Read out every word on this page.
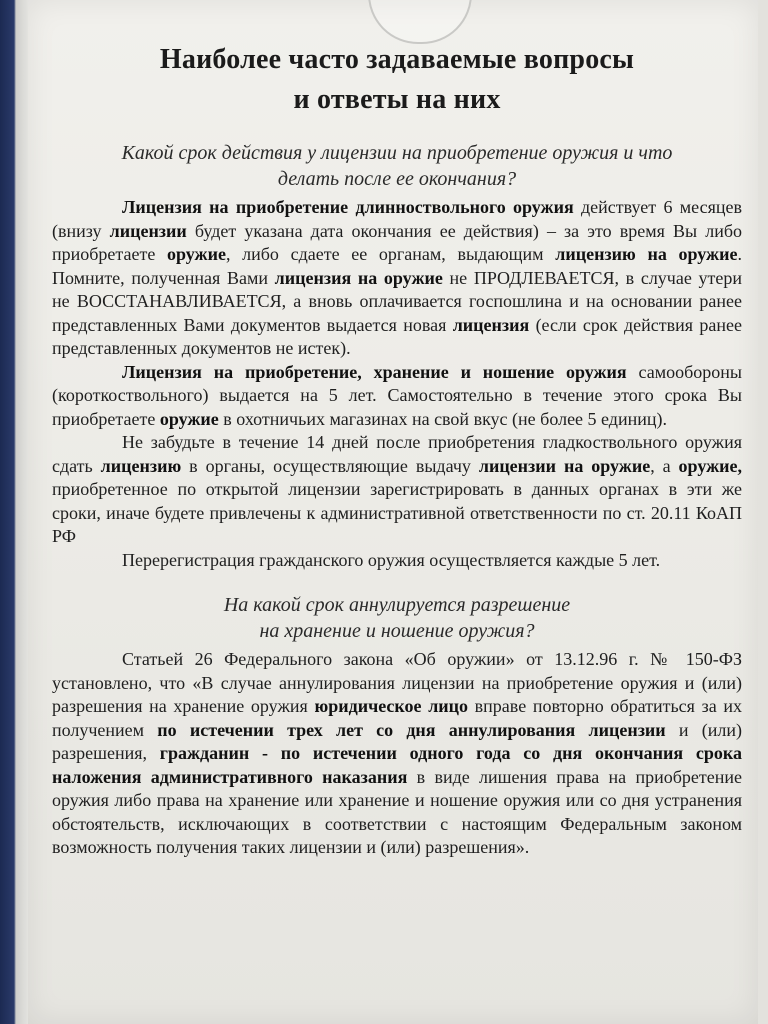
Наиболее часто задаваемые вопросы
и ответы на них
Какой срок действия у лицензии на приобретение оружия и что
делать после ее окончания?

Лицензия на приобретение длинноствольного оружия действует 6 месяцев (внизу лицензии будет указана дата окончания ее действия) – за это время Вы либо приобретаете оружие, либо сдаете ее органам, выдающим лицензию на оружие. Помните, полученная Вами лицензия на оружие не ПРОДЛЕВАЕТСЯ, в случае утери не ВОССТАНАВЛИВАЕТСЯ, а вновь оплачивается госпошлина и на основании ранее представленных Вами документов выдается новая лицензия (если срок действия ранее представленных документов не истек).

Лицензия на приобретение, хранение и ношение оружия самообороны (короткоствольного) выдается на 5 лет. Самостоятельно в течение этого срока Вы приобретаете оружие в охотничьих магазинах на свой вкус (не более 5 единиц).

Не забудьте в течение 14 дней после приобретения гладкоствольного оружия сдать лицензию в органы, осуществляющие выдачу лицензии на оружие, а оружие, приобретенное по открытой лицензии зарегистрировать в данных органах в эти же сроки, иначе будете привлечены к административной ответственности по ст. 20.11 КоАП РФ

Перерегистрация гражданского оружия осуществляется каждые 5 лет.

На какой срок аннулируется разрешение
на хранение и ношение оружия?

Статьей 26 Федерального закона «Об оружии» от 13.12.96 г. № 150-ФЗ установлено, что «В случае аннулирования лицензии на приобретение оружия и (или) разрешения на хранение оружия юридическое лицо вправе повторно обратиться за их получением по истечении трех лет со дня аннулирования лицензии и (или) разрешения, гражданин - по истечении одного года со дня окончания срока наложения административного наказания в виде лишения права на приобретение оружия либо права на хранение или хранение и ношение оружия или со дня устранения обстоятельств, исключающих в соответствии с настоящим Федеральным законом возможность получения таких лицензии и (или) разрешения».
